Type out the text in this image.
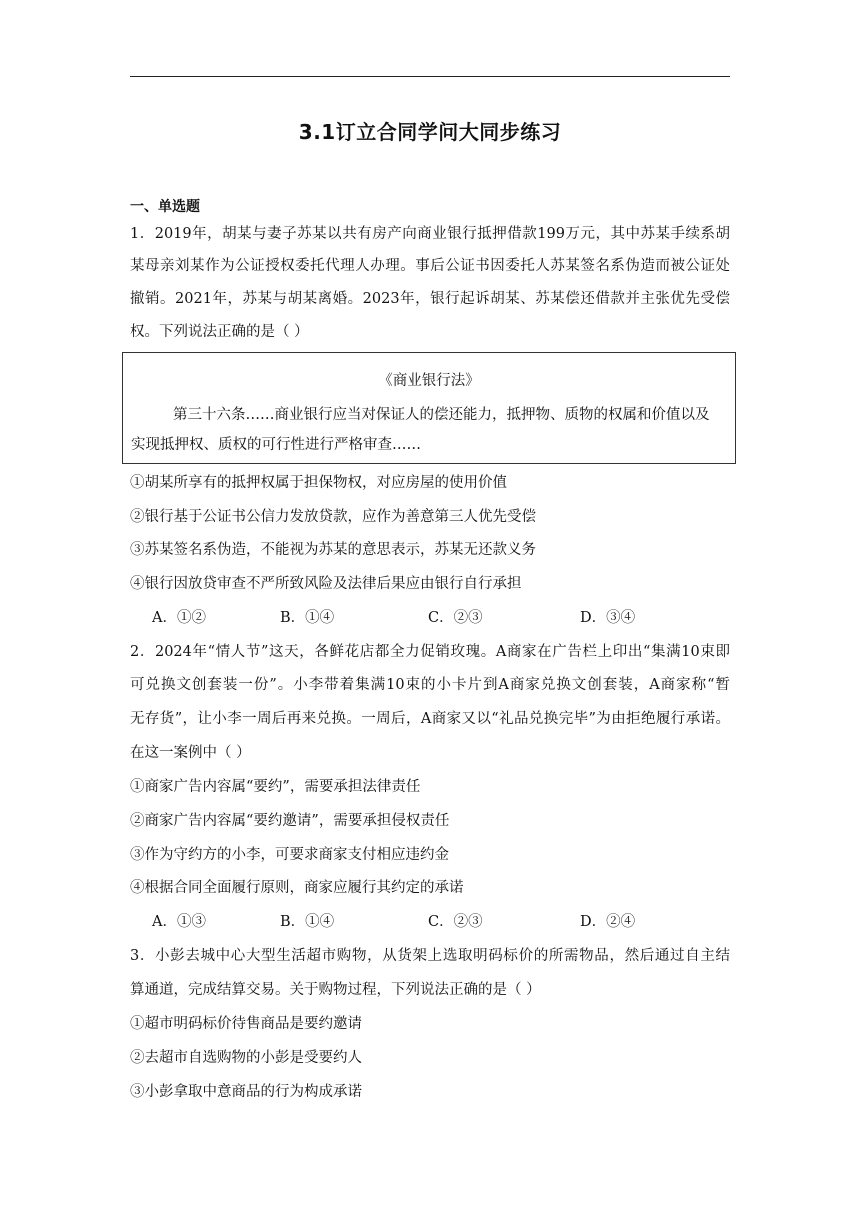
3.1订立合同学问大同步练习
一、单选题
1．2019年，胡某与妻子苏某以共有房产向商业银行抵押借款199万元，其中苏某手续系胡
某母亲刘某作为公证授权委托代理人办理。事后公证书因委托人苏某签名系伪造而被公证处
撤销。2021年，苏某与胡某离婚。2023年，银行起诉胡某、苏某偿还借款并主张优先受偿
权。下列说法正确的是（ ）
《商业银行法》
第三十六条……商业银行应当对保证人的偿还能力，抵押物、质物的权属和价值以及
实现抵押权、质权的可行性进行严格审查……
①胡某所享有的抵押权属于担保物权，对应房屋的使用价值
②银行基于公证书公信力发放贷款，应作为善意第三人优先受偿
③苏某签名系伪造，不能视为苏某的意思表示，苏某无还款义务
④银行因放贷审查不严所致风险及法律后果应由银行自行承担
A．①②	B．①④	C．②③	D．③④
2．2024年“情人节”这天，各鲜花店都全力促销玫瑰。A商家在广告栏上印出“集满10束即
可兑换文创套装一份”。小李带着集满10束的小卡片到A商家兑换文创套装，A商家称“暂
无存货”，让小李一周后再来兑换。一周后，A商家又以“礼品兑换完毕”为由拒绝履行承诺。
在这一案例中（ ）
①商家广告内容属“要约”，需要承担法律责任
②商家广告内容属“要约邀请”，需要承担侵权责任
③作为守约方的小李，可要求商家支付相应违约金
④根据合同全面履行原则，商家应履行其约定的承诺
A．①③	B．①④	C．②③	D．②④
3．小彭去城中心大型生活超市购物，从货架上选取明码标价的所需物品，然后通过自主结
算通道，完成结算交易。关于购物过程，下列说法正确的是（ ）
①超市明码标价待售商品是要约邀请
②去超市自选购物的小彭是受要约人
③小彭拿取中意商品的行为构成承诺
